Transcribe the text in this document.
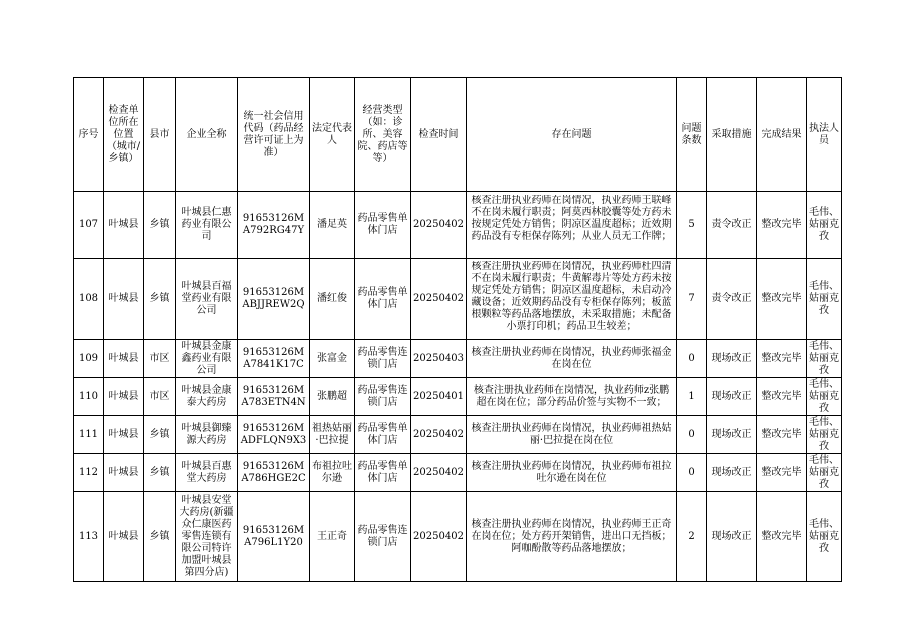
序号	检查单位所在位置（城市/乡镇）	县市	企业全称	统一社会信用代码（药品经营许可证上为准）	法定代表人	经营类型（如：诊所、美容院、药店等等）	检查时间	存在问题	问题条数	采取措施	完成结果	执法人员
107	叶城县	乡镇	叶城县仁惠药业有限公司	91653126MA792RG47Y	潘足英	药品零售单体门店	20250402	核查注册执业药师在岗情况，执业药师王联峰不在岗未履行职责；阿莫西林胶囊等处方药未按规定凭处方销售；阴凉区温度超标；近效期药品没有专柜保存陈列；从业人员无工作牌；	5	责令改正	整改完毕	毛伟、姑丽克孜
108	叶城县	乡镇	叶城县百福堂药业有限公司	91653126MABJJREW2Q	潘红俊	药品零售单体门店	20250402	核查注册执业药师在岗情况，执业药师杜四清不在岗未履行职责；牛黄解毒片等处方药未按规定凭处方销售；阴凉区温度超标，未启动冷藏设备；近效期药品没有专柜保存陈列；板蓝根颗粒等药品落地摆放，未采取措施；未配备小票打印机；药品卫生较差；	7	责令改正	整改完毕	毛伟、姑丽克孜
109	叶城县	市区	叶城县金康鑫药业有限公司	91653126MA7841K17C	张富金	药品零售连锁门店	20250403	核查注册执业药师在岗情况，执业药师张福金在岗在位	0	现场改正	整改完毕	毛伟、姑丽克孜
110	叶城县	市区	叶城县金康泰大药房	91653126MA783ETN4N	张鹏超	药品零售连锁门店	20250401	核查注册执业药师在岗情况，执业药师z张鹏超在岗在位；部分药品价签与实物不一致；	1	现场改正	整改完毕	毛伟、姑丽克孜
111	叶城县	乡镇	叶城县御臻源大药房	91653126MADFLQN9X3	祖热姑丽·巴拉提	药品零售单体门店	20250402	核查注册执业药师在岗情况，执业药师祖热姑丽·巴拉提在岗在位	0	现场改正	整改完毕	毛伟、姑丽克孜
112	叶城县	乡镇	叶城县百惠堂大药房	91653126MA786HGE2C	布祖拉吐尔逊	药品零售单体门店	20250402	核查注册执业药师在岗情况，执业药师布祖拉吐尔逊在岗在位	0	现场改正	整改完毕	毛伟、姑丽克孜
113	叶城县	乡镇	叶城县安堂大药房(新疆众仁康医药零售连锁有限公司特许加盟叶城县第四分店)	91653126MA796L1Y20	王正奇	药品零售连锁门店	20250402	核查注册执业药师在岗情况，执业药师王正奇在岗在位；处方药开架销售，进出口无挡板；阿咖酚散等药品落地摆放；	2	现场改正	整改完毕	毛伟、姑丽克孜
